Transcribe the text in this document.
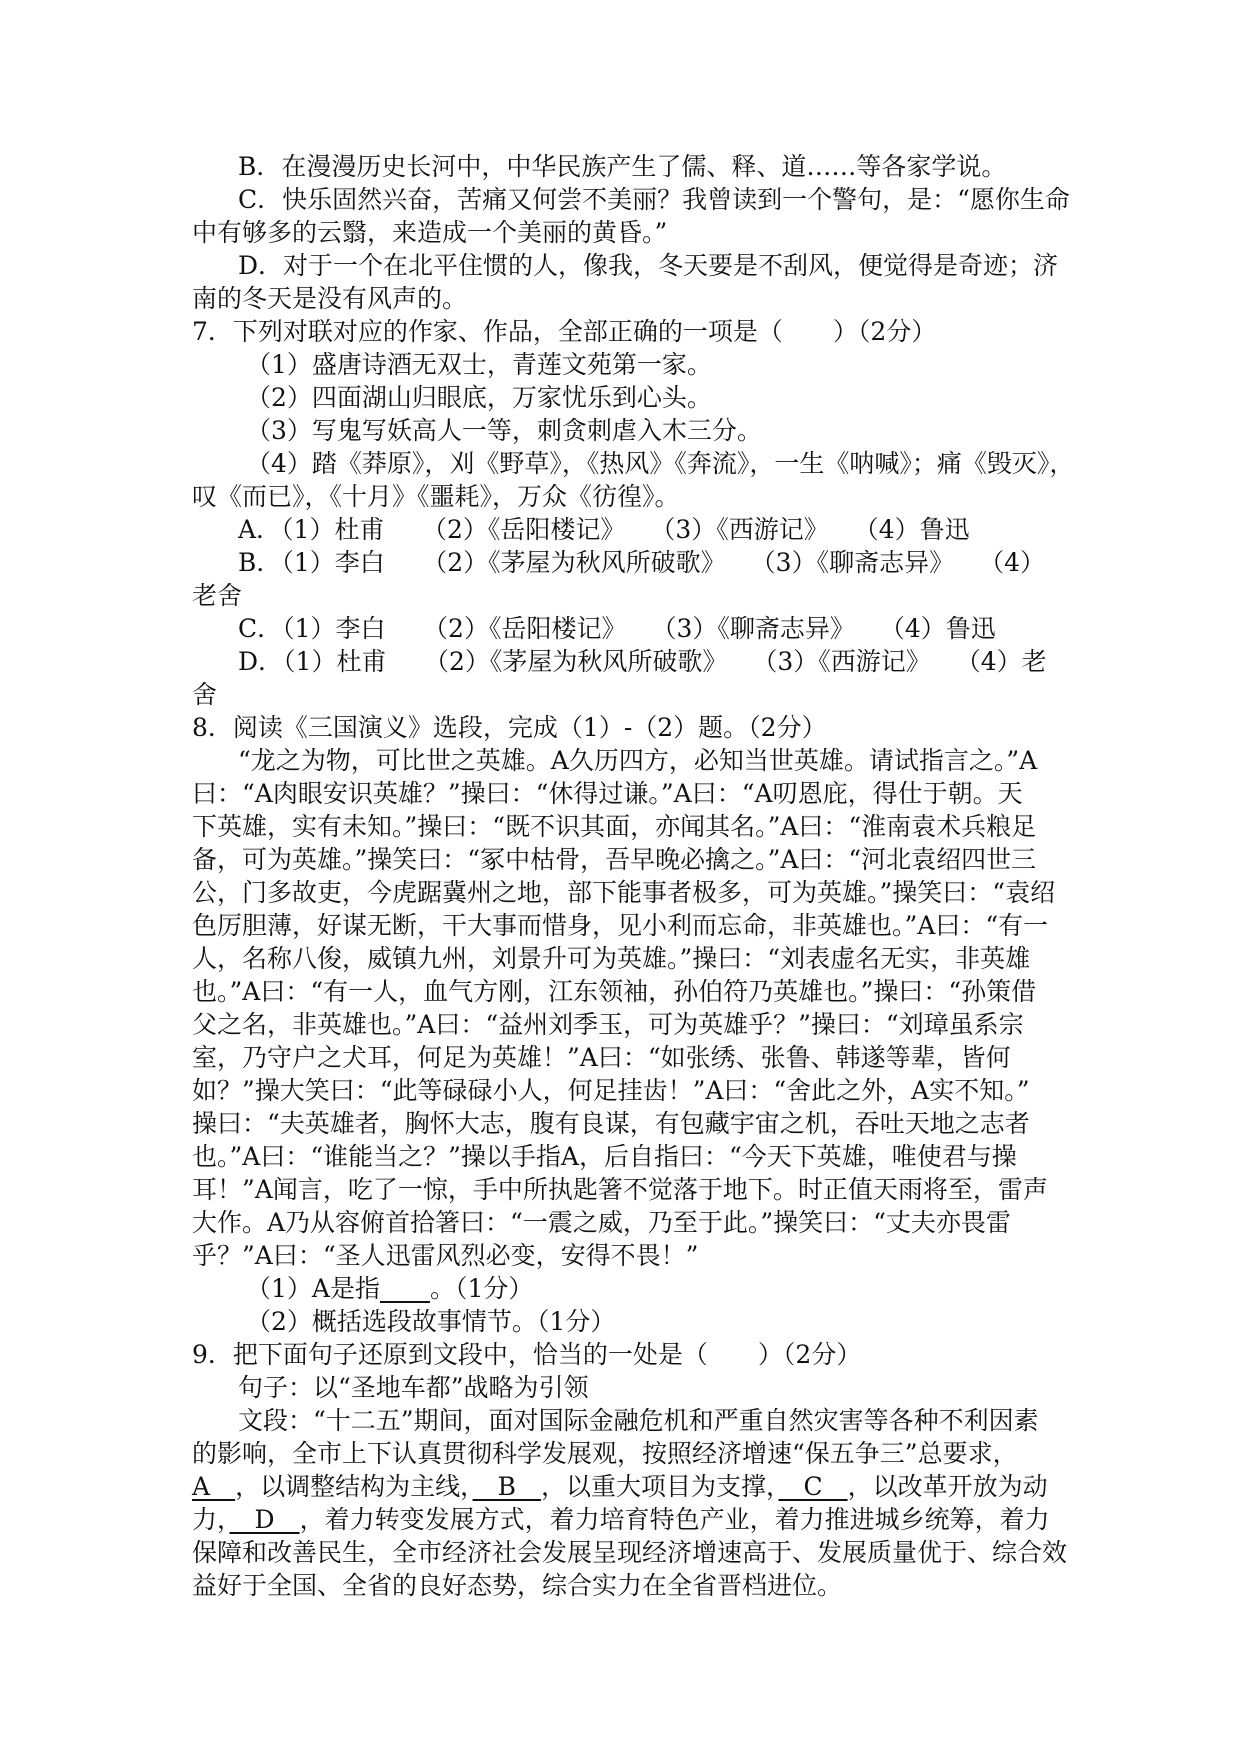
B．在漫漫历史长河中，中华民族产生了儒、释、道……等各家学说。
C．快乐固然兴奋，苦痛又何尝不美丽？我曾读到一个警句，是：“愿你生命
中有够多的云翳，来造成一个美丽的黄昏。”
D．对于一个在北平住惯的人，像我，冬天要是不刮风，便觉得是奇迹；济
南的冬天是没有风声的。
7．下列对联对应的作家、作品，全部正确的一项是（　　）（2分）
（1）盛唐诗酒无双士，青莲文苑第一家。
（2）四面湖山归眼底，万家忧乐到心头。
（3）写鬼写妖高人一等，刺贪刺虐入木三分。
（4）踏《莽原》，刈《野草》，《热风》《奔流》，一生《呐喊》；痛《毁灭》，
叹《而已》，《十月》《噩耗》，万众《彷徨》。
A．（1）杜甫　　（2）《岳阳楼记》　　（3）《西游记》　　（4）鲁迅
B．（1）李白　　（2）《茅屋为秋风所破歌》　　（3）《聊斋志异》　　（4）
老舍
C．（1）李白　　（2）《岳阳楼记》　　（3）《聊斋志异》　　（4）鲁迅
D．（1）杜甫　　（2）《茅屋为秋风所破歌》　　（3）《西游记》　　（4）老
舍
8．阅读《三国演义》选段，完成（1）-（2）题。（2分）
“龙之为物，可比世之英雄。A久历四方，必知当世英雄。请试指言之。”A
曰：“A肉眼安识英雄？”操曰：“休得过谦。”A曰：“A叨恩庇，得仕于朝。天
下英雄，实有未知。”操曰：“既不识其面，亦闻其名。”A曰：“淮南袁术兵粮足
备，可为英雄。”操笑曰：“冢中枯骨，吾早晚必擒之。”A曰：“河北袁绍四世三
公，门多故吏，今虎踞冀州之地，部下能事者极多，可为英雄。”操笑曰：“袁绍
色厉胆薄，好谋无断，干大事而惜身，见小利而忘命，非英雄也。”A曰：“有一
人，名称八俊，威镇九州，刘景升可为英雄。”操曰：“刘表虚名无实，非英雄
也。”A曰：“有一人，血气方刚，江东领袖，孙伯符乃英雄也。”操曰：“孙策借
父之名，非英雄也。”A曰：“益州刘季玉，可为英雄乎？”操曰：“刘璋虽系宗
室，乃守户之犬耳，何足为英雄！”A曰：“如张绣、张鲁、韩遂等辈，皆何
如？”操大笑曰：“此等碌碌小人，何足挂齿！”A曰：“舍此之外，A实不知。”
操曰：“夫英雄者，胸怀大志，腹有良谋，有包藏宇宙之机，吞吐天地之志者
也。”A曰：“谁能当之？”操以手指A，后自指曰：“今天下英雄，唯使君与操
耳！”A闻言，吃了一惊，手中所执匙箸不觉落于地下。时正值天雨将至，雷声
大作。A乃从容俯首拾箸曰：“一震之威，乃至于此。”操笑曰：“丈夫亦畏雷
乎？”A曰：“圣人迅雷风烈必变，安得不畏！”
（1）A是指　　 。（1分）
（2）概括选段故事情节。（1分）
9．把下面句子还原到文段中，恰当的一处是（　　）（2分）
句子：以“圣地车都”战略为引领
文段：“十二五”期间，面对国际金融危机和严重自然灾害等各种不利因素
的影响，全市上下认真贯彻科学发展观，按照经济增速“保五争三”总要求，
A　，以调整结构为主线，　B　，以重大项目为支撑，　C　，以改革开放为动
力，　D　，着力转变发展方式，着力培育特色产业，着力推进城乡统筹，着力
保障和改善民生，全市经济社会发展呈现经济增速高于、发展质量优于、综合效
益好于全国、全省的良好态势，综合实力在全省晋档进位。
